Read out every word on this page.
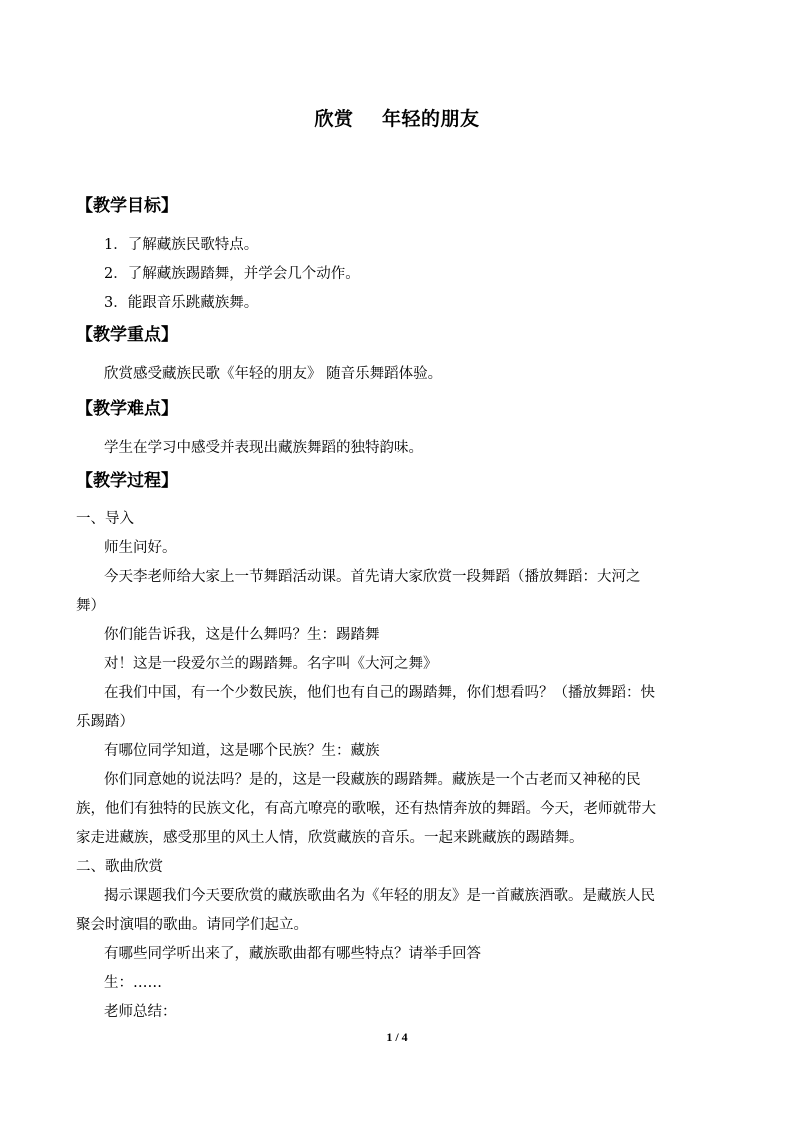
欣赏    年轻的朋友
【教学目标】
1．了解藏族民歌特点。
2．了解藏族踢踏舞，并学会几个动作。
3．能跟音乐跳藏族舞。
【教学重点】
欣赏感受藏族民歌《年轻的朋友》 随音乐舞蹈体验。
【教学难点】
学生在学习中感受并表现出藏族舞蹈的独特韵味。
【教学过程】
一、导入
师生问好。
今天李老师给大家上一节舞蹈活动课。首先请大家欣赏一段舞蹈（播放舞蹈：大河之
舞）
你们能告诉我，这是什么舞吗？生：踢踏舞
对！这是一段爱尔兰的踢踏舞。名字叫《大河之舞》
在我们中国，有一个少数民族，他们也有自己的踢踏舞，你们想看吗？（播放舞蹈：快
乐踢踏）
有哪位同学知道，这是哪个民族？生：藏族
你们同意她的说法吗？是的，这是一段藏族的踢踏舞。藏族是一个古老而又神秘的民
族，他们有独特的民族文化，有高亢嘹亮的歌喉，还有热情奔放的舞蹈。今天，老师就带大
家走进藏族，感受那里的风土人情，欣赏藏族的音乐。一起来跳藏族的踢踏舞。
二、歌曲欣赏
揭示课题我们今天要欣赏的藏族歌曲名为《年轻的朋友》是一首藏族酒歌。是藏族人民
聚会时演唱的歌曲。请同学们起立。
有哪些同学听出来了，藏族歌曲都有哪些特点？请举手回答
生：……
老师总结：
1 / 4
